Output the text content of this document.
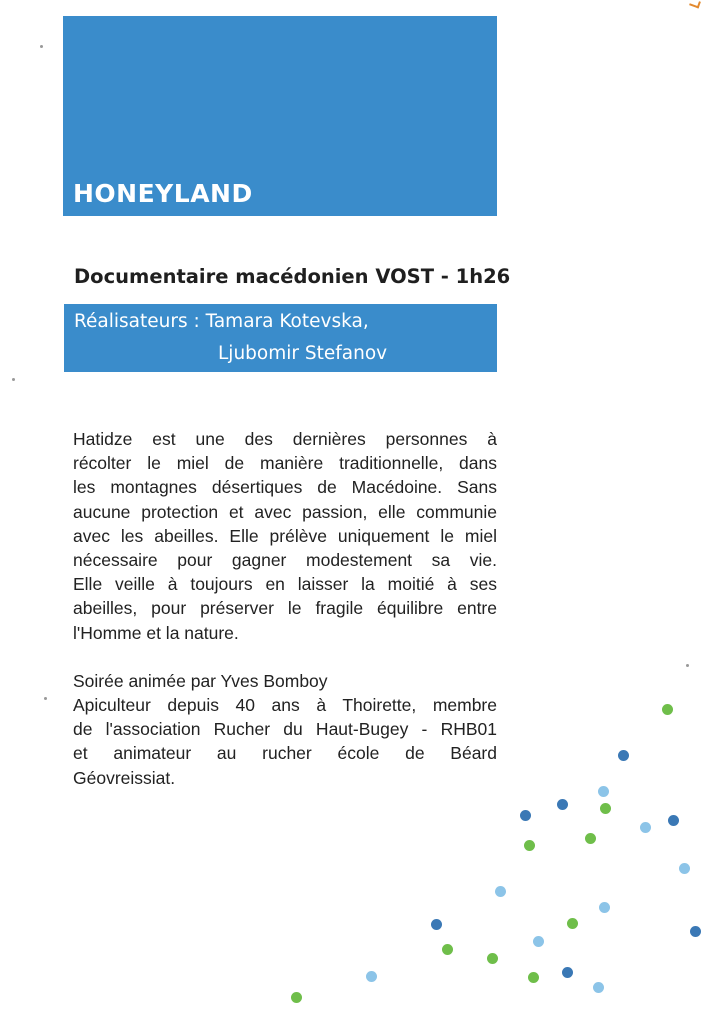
HONEYLAND
Documentaire macédonien VOST - 1h26
Réalisateurs : Tamara Kotevska,
Ljubomir Stefanov
Hatidze est une des dernières personnes à
récolter le miel de manière traditionnelle, dans
les montagnes désertiques de Macédoine. Sans
aucune protection et avec passion, elle communie
avec les abeilles. Elle prélève uniquement le miel
nécessaire pour gagner modestement sa vie.
Elle veille à toujours en laisser la moitié à ses
abeilles, pour préserver le fragile équilibre entre
l'Homme et la nature.
Soirée animée par Yves Bomboy
Apiculteur depuis 40 ans à Thoirette, membre
de l'association Rucher du Haut-Bugey - RHB01
et animateur au rucher école de Béard
Géovreissiat.
